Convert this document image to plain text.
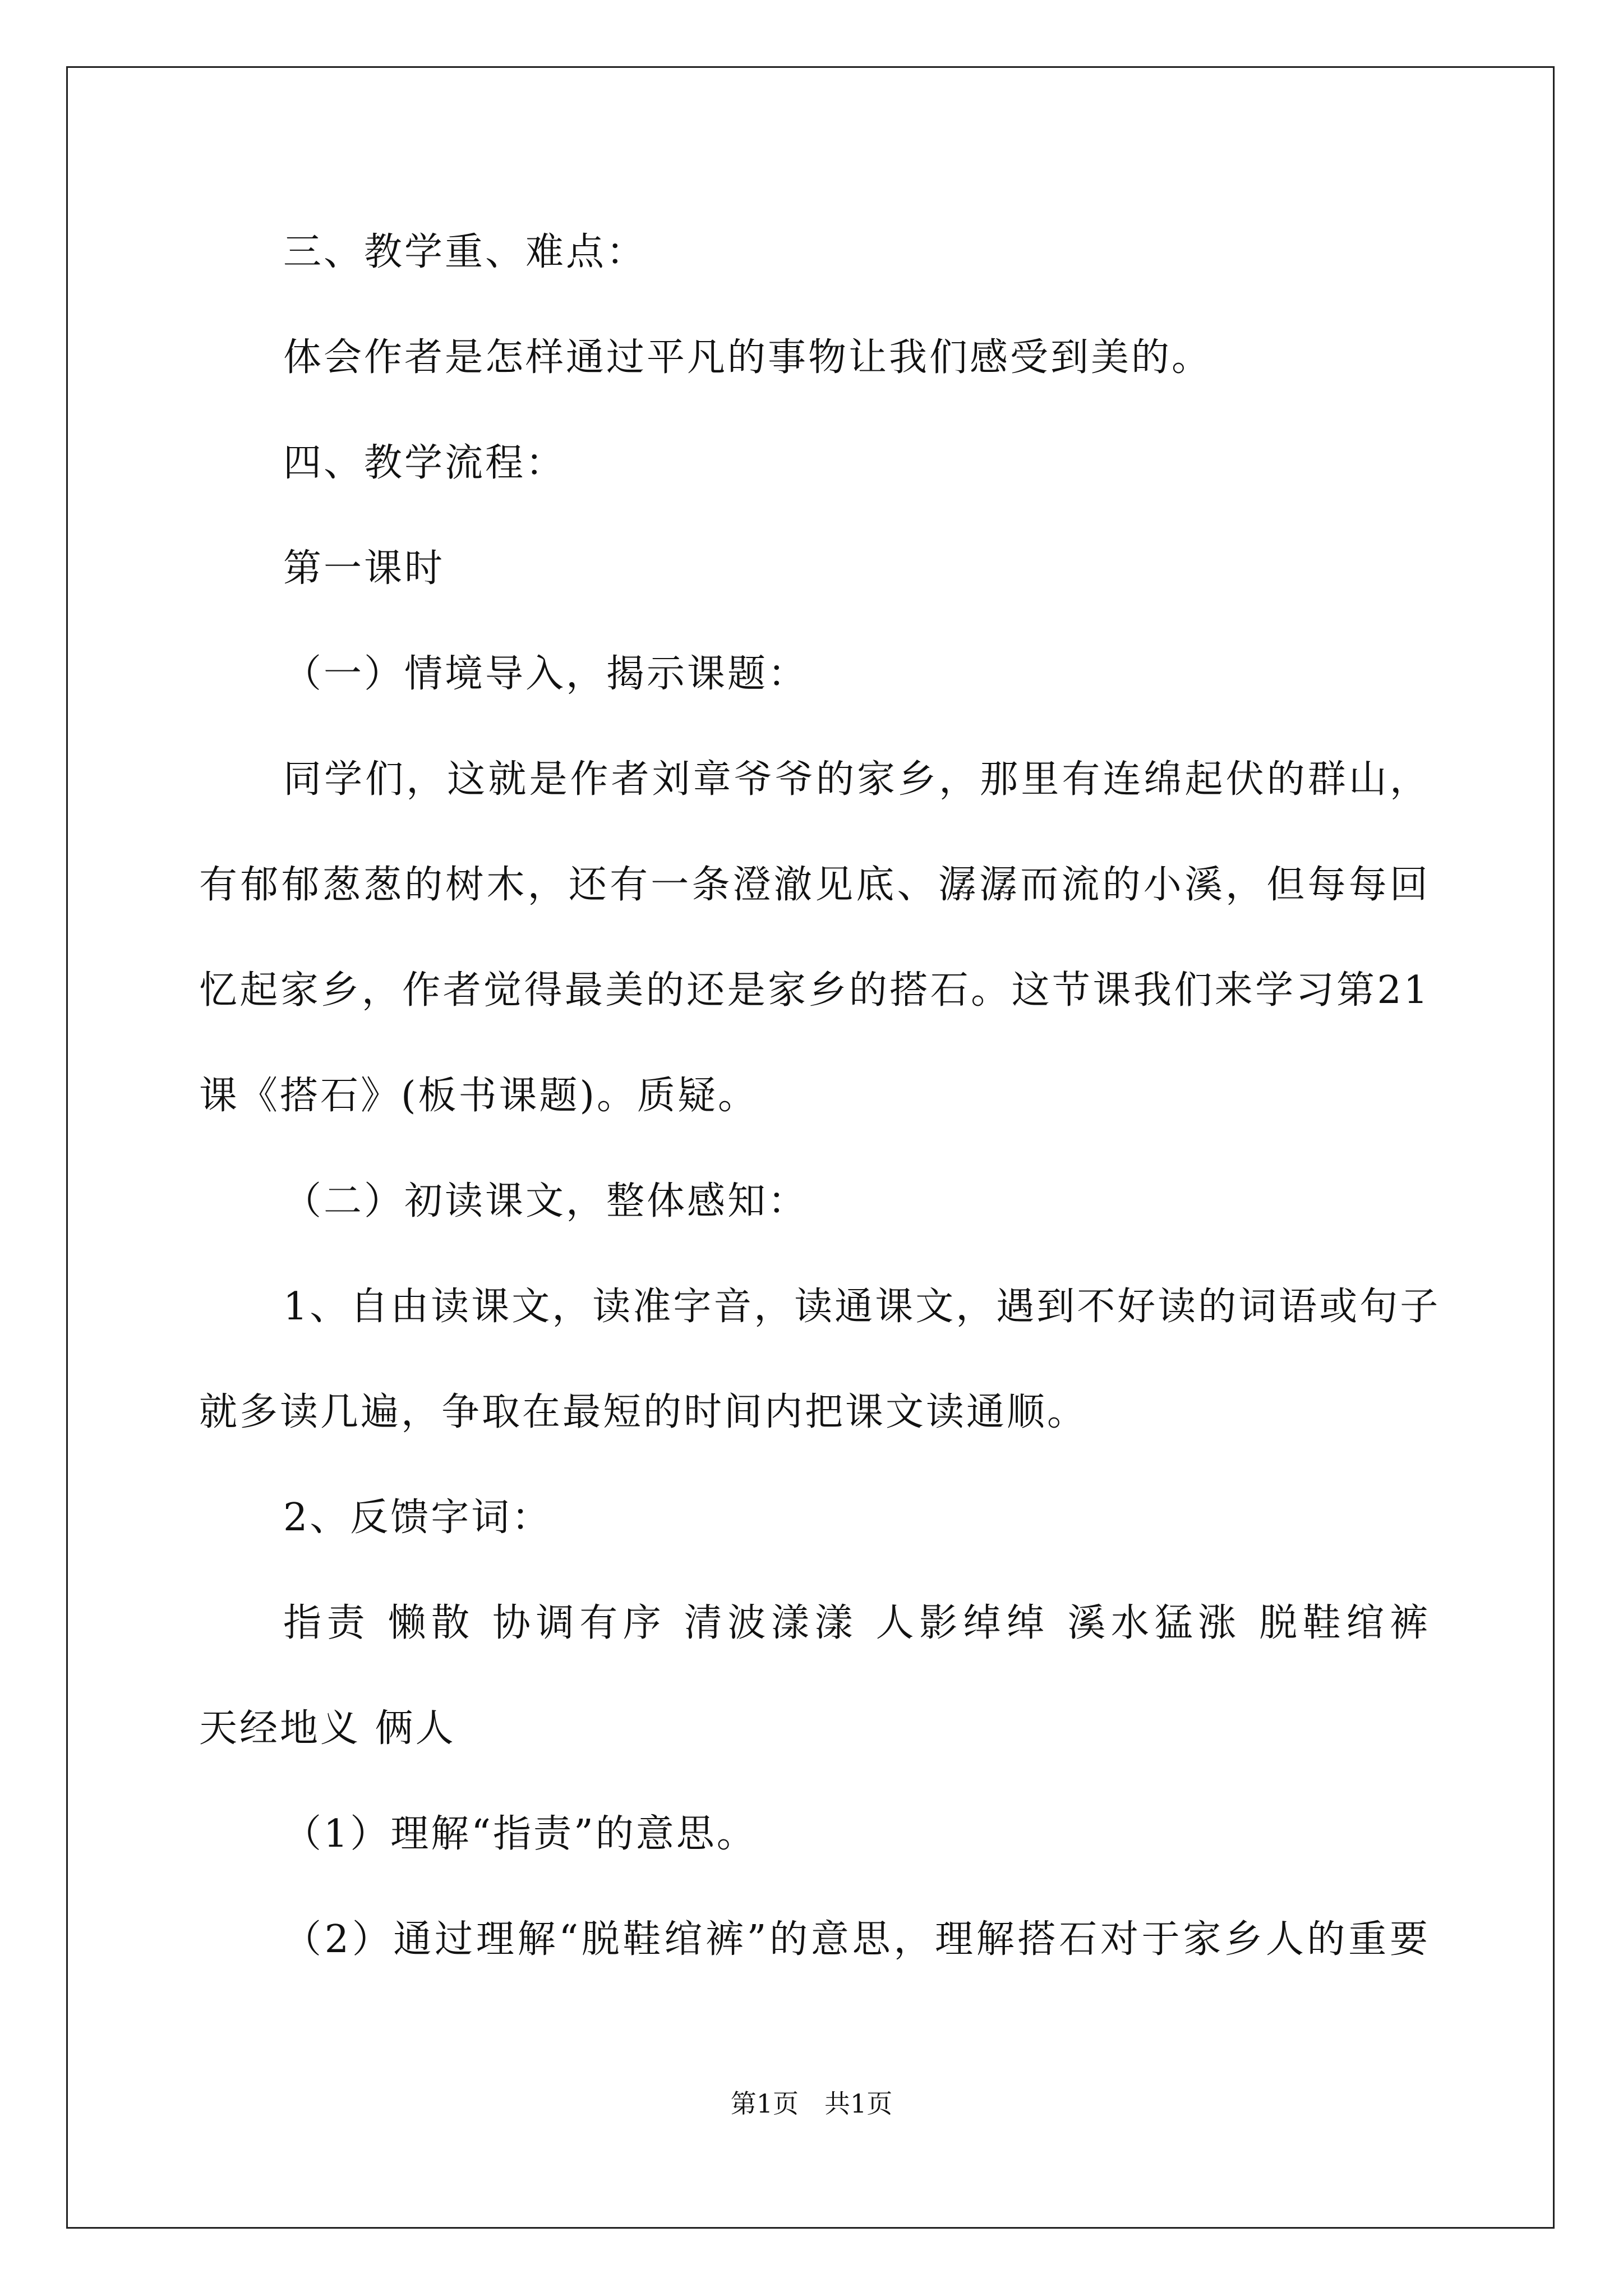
三、教学重、难点：
体会作者是怎样通过平凡的事物让我们感受到美的。
四、教学流程：
第一课时
（一）情境导入，揭示课题：
同学们，这就是作者刘章爷爷的家乡，那里有连绵起伏的群山，
有郁郁葱葱的树木，还有一条澄澈见底、潺潺而流的小溪，但每每回
忆起家乡，作者觉得最美的还是家乡的搭石。这节课我们来学习第21
课《搭石》(板书课题)。质疑。
（二）初读课文，整体感知：
1、自由读课文，读准字音，读通课文，遇到不好读的词语或句子
就多读几遍，争取在最短的时间内把课文读通顺。
2、反馈字词：
指责 懒散 协调有序 清波漾漾 人影绰绰 溪水猛涨 脱鞋绾裤
天经地义 俩人
（1）理解“指责”的意思。
（2）通过理解“脱鞋绾裤”的意思，理解搭石对于家乡人的重要
第1页　共1页
